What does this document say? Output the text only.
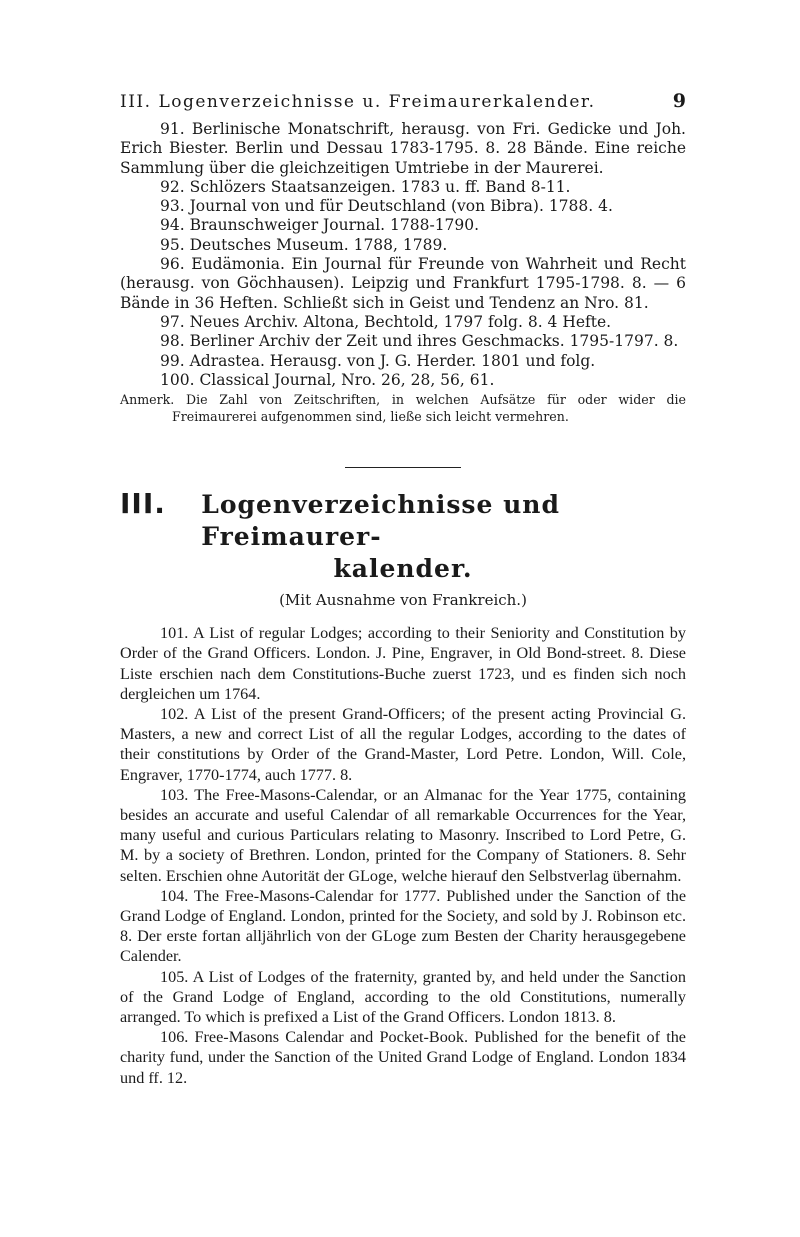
III. Logenverzeichnisse u. Freimaurerkalender.	9
91. Berlinische Monatschrift, herausg. von Fri. Gedicke und Joh. Erich Biester. Berlin und Dessau 1783-1795. 8. 28 Bände. Eine reiche Sammlung über die gleichzeitigen Umtriebe in der Maurerei.
92. Schlözers Staatsanzeigen. 1783 u. ff. Band 8-11.
93. Journal von und für Deutschland (von Bibra). 1788. 4.
94. Braunschweiger Journal. 1788-1790.
95. Deutsches Museum. 1788, 1789.
96. Eudämonia. Ein Journal für Freunde von Wahrheit und Recht (herausg. von Göchhausen). Leipzig und Frankfurt 1795-1798. 8. — 6 Bände in 36 Heften. Schließt sich in Geist und Tendenz an Nro. 81.
97. Neues Archiv. Altona, Bechtold, 1797 folg. 8. 4 Hefte.
98. Berliner Archiv der Zeit und ihres Geschmacks. 1795-1797. 8.
99. Adrastea. Herausg. von J. G. Herder. 1801 und folg.
100. Classical Journal, Nro. 26, 28, 56, 61.
Anmerk. Die Zahl von Zeitschriften, in welchen Aufsätze für oder wider die Freimaurerei aufgenommen sind, ließe sich leicht vermehren.
III.	Logenverzeichnisse und Freimaurer-
kalender.
(Mit Ausnahme von Frankreich.)
101. A List of regular Lodges; according to their Seniority and Constitution by Order of the Grand Officers. London. J. Pine, Engraver, in Old Bond-street. 8. Diese Liste erschien nach dem Constitutions-Buche zuerst 1723, und es finden sich noch dergleichen um 1764.
102. A List of the present Grand-Officers; of the present acting Provincial G. Masters, a new and correct List of all the regular Lodges, according to the dates of their constitutions by Order of the Grand-Master, Lord Petre. London, Will. Cole, Engraver, 1770-1774, auch 1777. 8.
103. The Free-Masons-Calendar, or an Almanac for the Year 1775, containing besides an accurate and useful Calendar of all remarkable Occurrences for the Year, many useful and curious Particulars relating to Masonry. Inscribed to Lord Petre, G. M. by a society of Brethren. London, printed for the Company of Stationers. 8. Sehr selten. Erschien ohne Autorität der GLoge, welche hierauf den Selbstverlag übernahm.
104. The Free-Masons-Calendar for 1777. Published under the Sanction of the Grand Lodge of England. London, printed for the Society, and sold by J. Robinson etc. 8. Der erste fortan alljährlich von der GLoge zum Besten der Charity herausgegebene Calender.
105. A List of Lodges of the fraternity, granted by, and held under the Sanction of the Grand Lodge of England, according to the old Constitutions, numerally arranged. To which is prefixed a List of the Grand Officers. London 1813. 8.
106. Free-Masons Calendar and Pocket-Book. Published for the benefit of the charity fund, under the Sanction of the United Grand Lodge of England. London 1834 und ff. 12.
